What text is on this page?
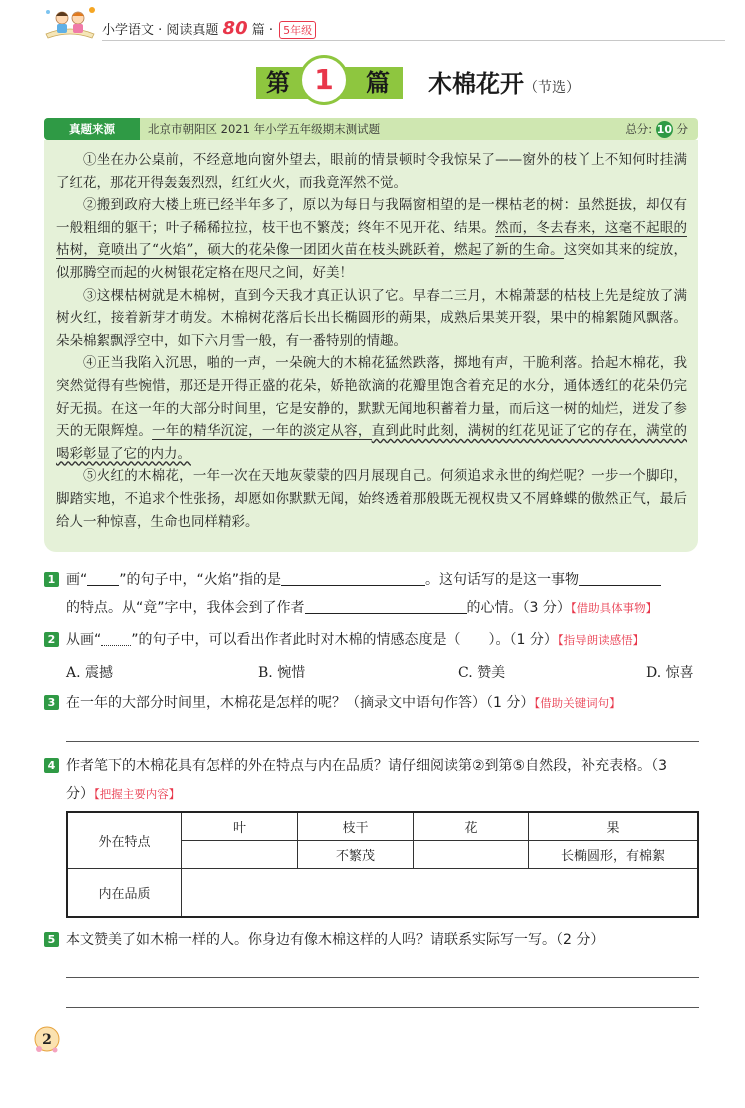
小学语文 · 阅读真题 80 篇 · 5年级
第	篇
1	木棉花开（节选）
真题来源	北京市朝阳区 2021 年小学五年级期末测试题	总分: 10 分

①坐在办公桌前，不经意地向窗外望去，眼前的情景顿时令我惊呆了——窗外的枝丫上不知何时挂满了红花，那花开得轰轰烈烈，红红火火，而我竟浑然不觉。

②搬到政府大楼上班已经半年多了，原以为每日与我隔窗相望的是一棵枯老的树：虽然挺拔，却仅有一般粗细的躯干；叶子稀稀拉拉，枝干也不繁茂；终年不见开花、结果。然而，冬去春来，这毫不起眼的枯树，竟喷出了“火焰”，硕大的花朵像一团团火苗在枝头跳跃着，燃起了新的生命。这突如其来的绽放，似那腾空而起的火树银花定格在咫尺之间，好美！

③这棵枯树就是木棉树，直到今天我才真正认识了它。早春二三月，木棉萧瑟的枯枝上先是绽放了满树火红，接着新芽才萌发。木棉树花落后长出长椭圆形的蒴果，成熟后果荚开裂，果中的棉絮随风飘落。朵朵棉絮飘浮空中，如下六月雪一般，有一番特别的情趣。

④正当我陷入沉思，啪的一声，一朵碗大的木棉花猛然跌落，掷地有声，干脆利落。拾起木棉花，我突然觉得有些惋惜，那还是开得正盛的花朵，娇艳欲滴的花瓣里饱含着充足的水分，通体透红的花朵仍完好无损。在这一年的大部分时间里，它是安静的，默默无闻地积蓄着力量，而后这一树的灿烂，迸发了参天的无限辉煌。一年的精华沉淀，一年的淡定从容，直到此时此刻，满树的红花见证了它的存在，满堂的喝彩彰显了它的内力。

⑤火红的木棉花，一年一次在天地灰蒙蒙的四月展现自己。何须追求永世的绚烂呢？一步一个脚印，脚踏实地，不追求个性张扬，却愿如你默默无闻，始终透着那般既无视权贵又不屑蜂蝶的傲然正气，最后给人一种惊喜，生命也同样精彩。

1 画“ ”的句子中，“火焰”指的是	。这句话写的是这一事物
的特点。从“竟”字中，我体会到了作者	的心情。（3 分）【借助具体事物】
2 从画“ ”的句子中，可以看出作者此时对木棉的情感态度是（　　）。（1 分）【指导朗读感悟】
A. 震撼	B. 惋惜	C. 赞美	D. 惊喜
3 在一年的大部分时间里，木棉花是怎样的呢？（摘录文中语句作答）（1 分）【借助关键词句】
4 作者笔下的木棉花具有怎样的外在特点与内在品质？请仔细阅读第②到第⑤自然段，补充表格。（3
分）【把握主要内容】
外在特点	叶	枝干	花	果
		不繁茂		长椭圆形，有棉絮
内在品质				
5 本文赞美了如木棉一样的人。你身边有像木棉这样的人吗？请联系实际写一写。（2 分）
2
